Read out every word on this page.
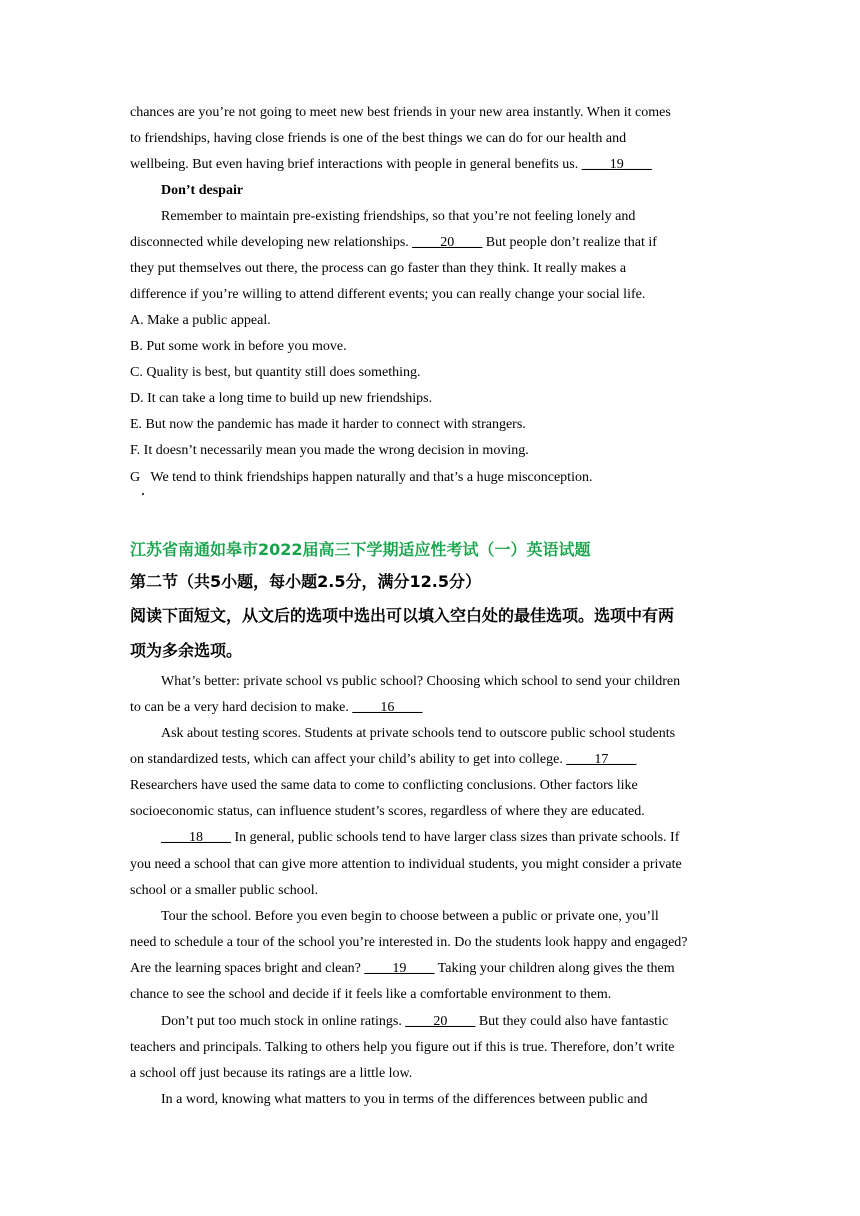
chances are you’re not going to meet new best friends in your new area instantly. When it comes
to friendships, having close friends is one of the best things we can do for our health and
wellbeing. But even having brief interactions with people in general benefits us. ____19____
Don’t despair
Remember to maintain pre-existing friendships, so that you’re not feeling lonely and
disconnected while developing new relationships. ____20____ But people don’t realize that if
they put themselves out there, the process can go faster than they think. It really makes a
difference if you’re willing to attend different events; you can really change your social life.
A. Make a public appeal.
B. Put some work in before you move.
C. Quality is best, but quantity still does something.
D. It can take a long time to build up new friendships.
E. But now the pandemic has made it harder to connect with strangers.
F. It doesn’t necessarily mean you made the wrong decision in moving.
G   We tend to think friendships happen naturally and that’s a huge misconception.
江苏省南通如皋市2022届高三下学期适应性考试（一）英语试题
第二节（共5小题，每小题2.5分，满分12.5分）
阅读下面短文，从文后的选项中选出可以填入空白处的最佳选项。选项中有两
项为多余选项。
What’s better: private school vs public school? Choosing which school to send your children
to can be a very hard decision to make. ____16____
Ask about testing scores. Students at private schools tend to outscore public school students
on standardized tests, which can affect your child’s ability to get into college. ____17____
Researchers have used the same data to come to conflicting conclusions. Other factors like
socioeconomic status, can influence student’s scores, regardless of where they are educated.
____18____ In general, public schools tend to have larger class sizes than private schools. If
you need a school that can give more attention to individual students, you might consider a private
school or a smaller public school.
Tour the school. Before you even begin to choose between a public or private one, you’ll
need to schedule a tour of the school you’re interested in. Do the students look happy and engaged?
Are the learning spaces bright and clean? ____19____ Taking your children along gives the them
chance to see the school and decide if it feels like a comfortable environment to them.
Don’t put too much stock in online ratings. ____20____ But they could also have fantastic
teachers and principals. Talking to others help you figure out if this is true. Therefore, don’t write
a school off just because its ratings are a little low.
In a word, knowing what matters to you in terms of the differences between public and
